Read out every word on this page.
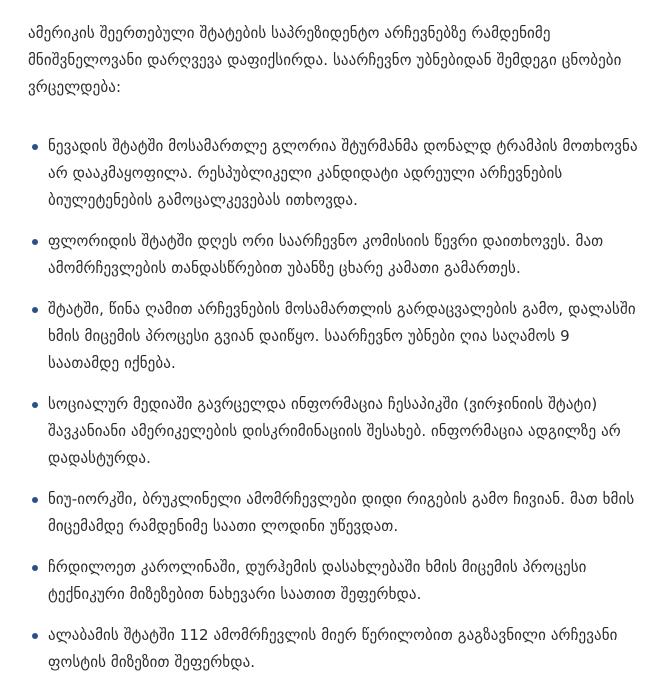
ამერიკის შეერთებული შტატების საპრეზიდენტო არჩევნებზე რამდენიმე მნიშვნელოვანი დარღვევა დაფიქსირდა. საარჩევნო უბნებიდან შემდეგი ცნობები ვრცელდება:

ნევადის შტატში მოსამართლე გლორია შტურმანმა დონალდ ტრამპის მოთხოვნა არ დააკმაყოფილა. რესპუბლიკელი კანდიდატი ადრეული არჩევნების ბიულეტენების გამოცალკევებას ითხოვდა.
ფლორიდის შტატში დღეს ორი საარჩევნო კომისიის წევრი დაითხოვეს. მათ ამომრჩევლების თანდასწრებით უბანზე ცხარე კამათი გამართეს.
შტატში, წინა ღამით არჩევნების მოსამართლის გარდაცვალების გამო, დალასში ხმის მიცემის პროცესი გვიან დაიწყო. საარჩევნო უბნები ღია საღამოს 9 საათამდე იქნება.
სოციალურ მედიაში გავრცელდა ინფორმაცია ჩესაპიკში (ვირჯინიის შტატი) შავკანიანი ამერიკელების დისკრიმინაციის შესახებ. ინფორმაცია ადგილზე არ დადასტურდა.
ნიუ-იორკში, ბრუკლინელი ამომრჩევლები დიდი რიგების გამო ჩივიან. მათ ხმის მიცემამდე რამდენიმე საათი ლოდინი უწევდათ.
ჩრდილოეთ კაროლინაში, დურჰემის დასახლებაში ხმის მიცემის პროცესი ტექნიკური მიზეზებით ნახევარი საათით შეფერხდა.
ალაბამის შტატში 112 ამომრჩევლის მიერ წერილობით გაგზავნილი არჩევანი ფოსტის მიზეზით შეფერხდა.
